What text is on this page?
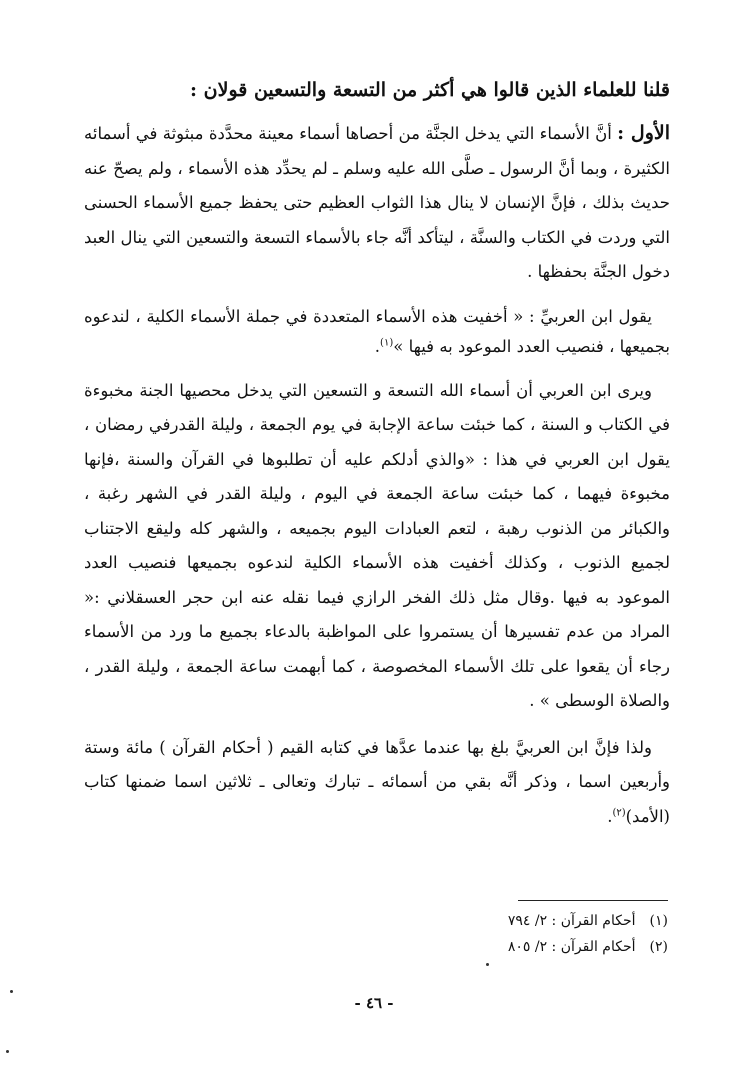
قلنا للعلماء الذين قالوا هي أكثر من التسعة والتسعين قولان :

الأول : أنَّ الأسماء التي يدخل الجنَّة من أحصاها أسماء معينة محدَّدة مبثوثة في أسمائه الكثيرة ، وبما أنَّ الرسول ـ صلَّى الله عليه وسلم ـ لم يحدِّد هذه الأسماء ، ولم يصحّ عنه حديث بذلك ، فإنَّ الإنسان لا ينال هذا الثواب العظيم حتى يحفظ جميع الأسماء الحسنى التي وردت في الكتاب والسنَّة ، ليتأكد أنَّه جاء بالأسماء التسعة والتسعين التي ينال العبد دخول الجنَّة بحفظها .

يقول ابن العربيِّ : « أخفيت هذه الأسماء المتعددة في جملة الأسماء الكلية ، لندعوه بجميعها ، فنصيب العدد الموعود به فيها »$^{(١)}$.

ويرى ابن العربي أن أسماء الله التسعة و التسعين التي يدخل محصيها الجنة مخبوءة في الكتاب و السنة ، كما خبئت ساعة الإجابة في يوم الجمعة ، وليلة القدرفي رمضان ، يقول ابن العربي في هذا : «والذي أدلكم عليه أن تطلبوها في القرآن والسنة ،فإنها مخبوءة فيهما ، كما خبئت ساعة الجمعة في اليوم ، وليلة القدر في الشهر رغبة ، والكبائر من الذنوب رهبة ، لتعم العبادات اليوم بجميعه ، والشهر كله وليقع الاجتناب لجميع الذنوب ، وكذلك أخفيت هذه الأسماء الكلية لندعوه بجميعها فنصيب العدد الموعود به فيها .وقال مثل ذلك الفخر الرازي فيما نقله عنه ابن حجر العسقلاني :« المراد من عدم تفسيرها أن يستمروا على المواظبة بالدعاء بجميع ما ورد من الأسماء رجاء أن يقعوا على تلك الأسماء المخصوصة ، كما أبهمت ساعة الجمعة ، وليلة القدر ، والصلاة الوسطى » .

ولذا فإنَّ ابن العربيَّ بلغ بها عندما عدَّها في كتابه القيم ( أحكام القرآن ) مائة وستة وأربعين اسما ، وذكر أنَّه بقي من أسمائه ـ تبارك وتعالى ـ ثلاثين اسما ضمنها كتاب (الأمد)$^{(٢)}$.

(١)أحكام القرآن : ٢/ ٧٩٤
(٢)أحكام القرآن : ٢/ ٨٠٥
- ٤٦ -
